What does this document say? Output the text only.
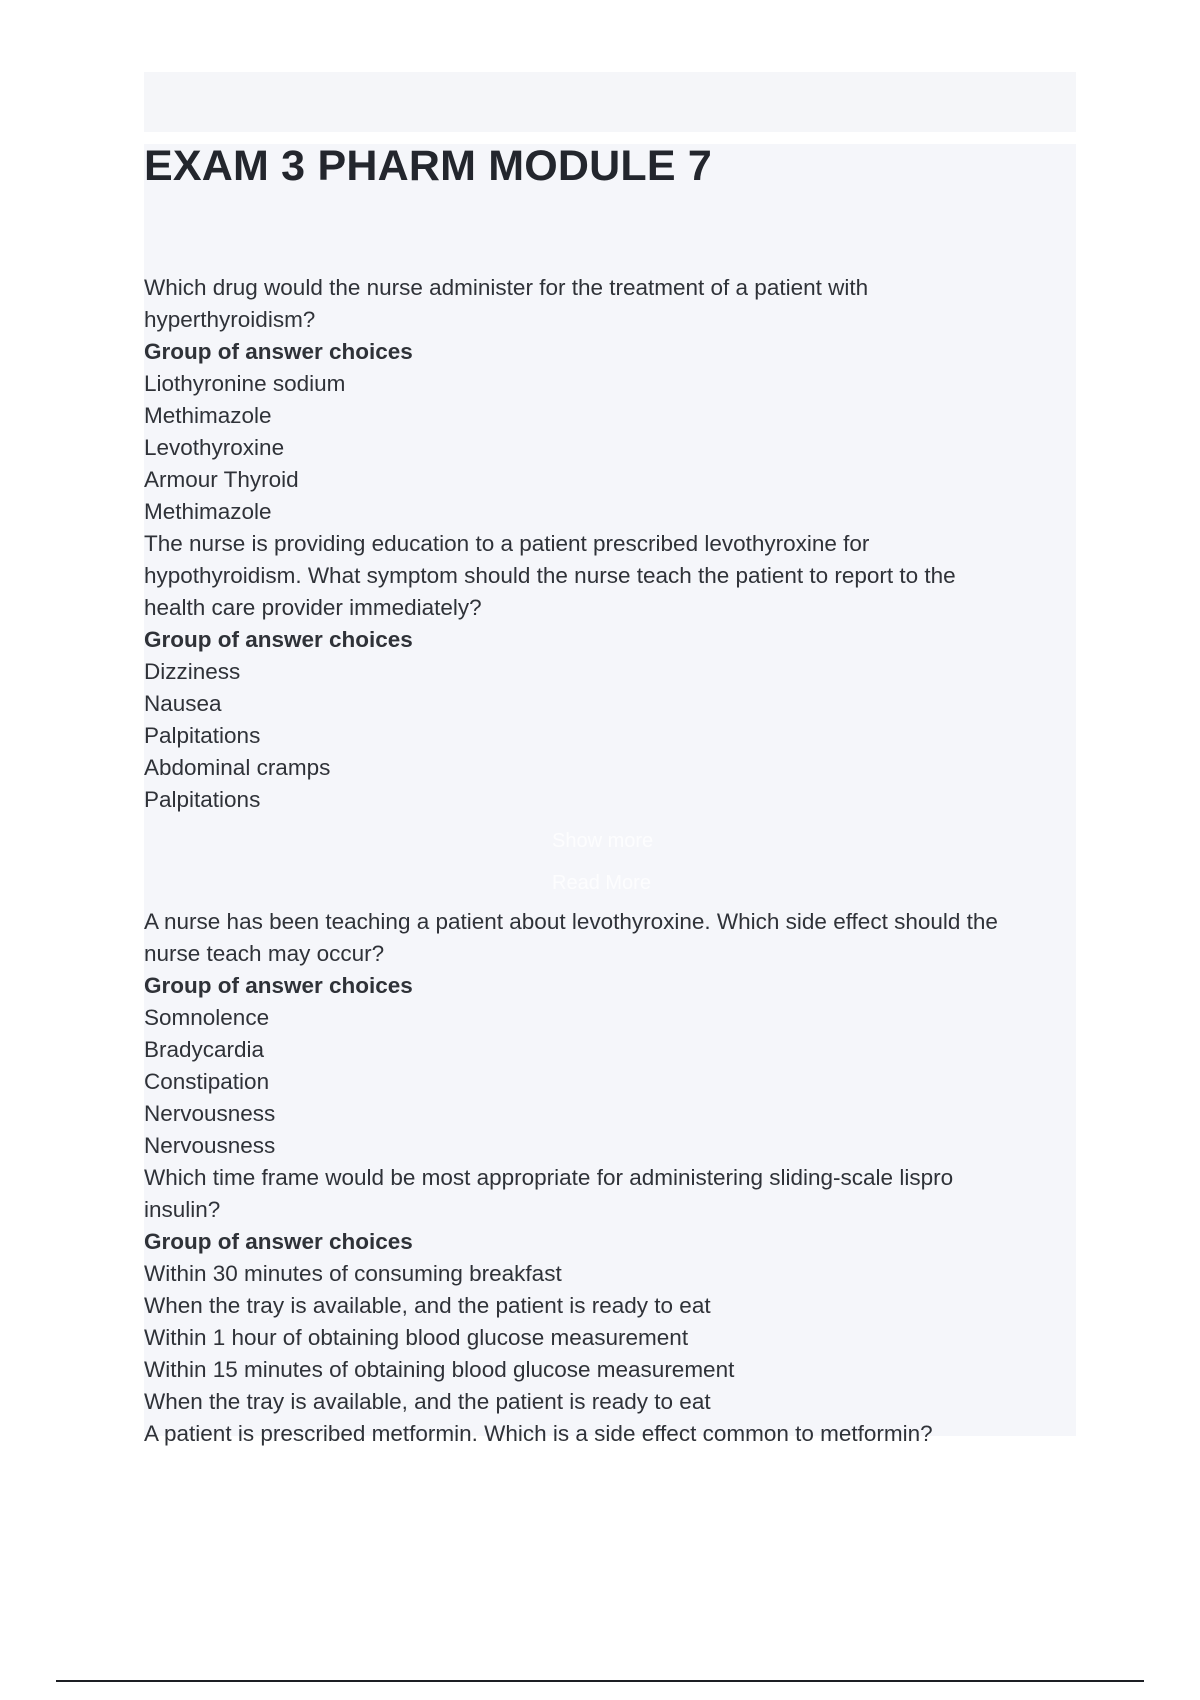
EXAM 3 PHARM MODULE 7
Which drug would the nurse administer for the treatment of a patient with
hyperthyroidism?
Group of answer choices
Liothyronine sodium
Methimazole
Levothyroxine
Armour Thyroid
Methimazole
The nurse is providing education to a patient prescribed levothyroxine for
hypothyroidism. What symptom should the nurse teach the patient to report to the
health care provider immediately?
Group of answer choices
Dizziness
Nausea
Palpitations
Abdominal cramps
Palpitations
Show more
Read More
A nurse has been teaching a patient about levothyroxine. Which side effect should the
nurse teach may occur?
Group of answer choices
Somnolence
Bradycardia
Constipation
Nervousness
Nervousness
Which time frame would be most appropriate for administering sliding-scale lispro
insulin?
Group of answer choices
Within 30 minutes of consuming breakfast
When the tray is available, and the patient is ready to eat
Within 1 hour of obtaining blood glucose measurement
Within 15 minutes of obtaining blood glucose measurement
When the tray is available, and the patient is ready to eat
A patient is prescribed metformin. Which is a side effect common to metformin?
